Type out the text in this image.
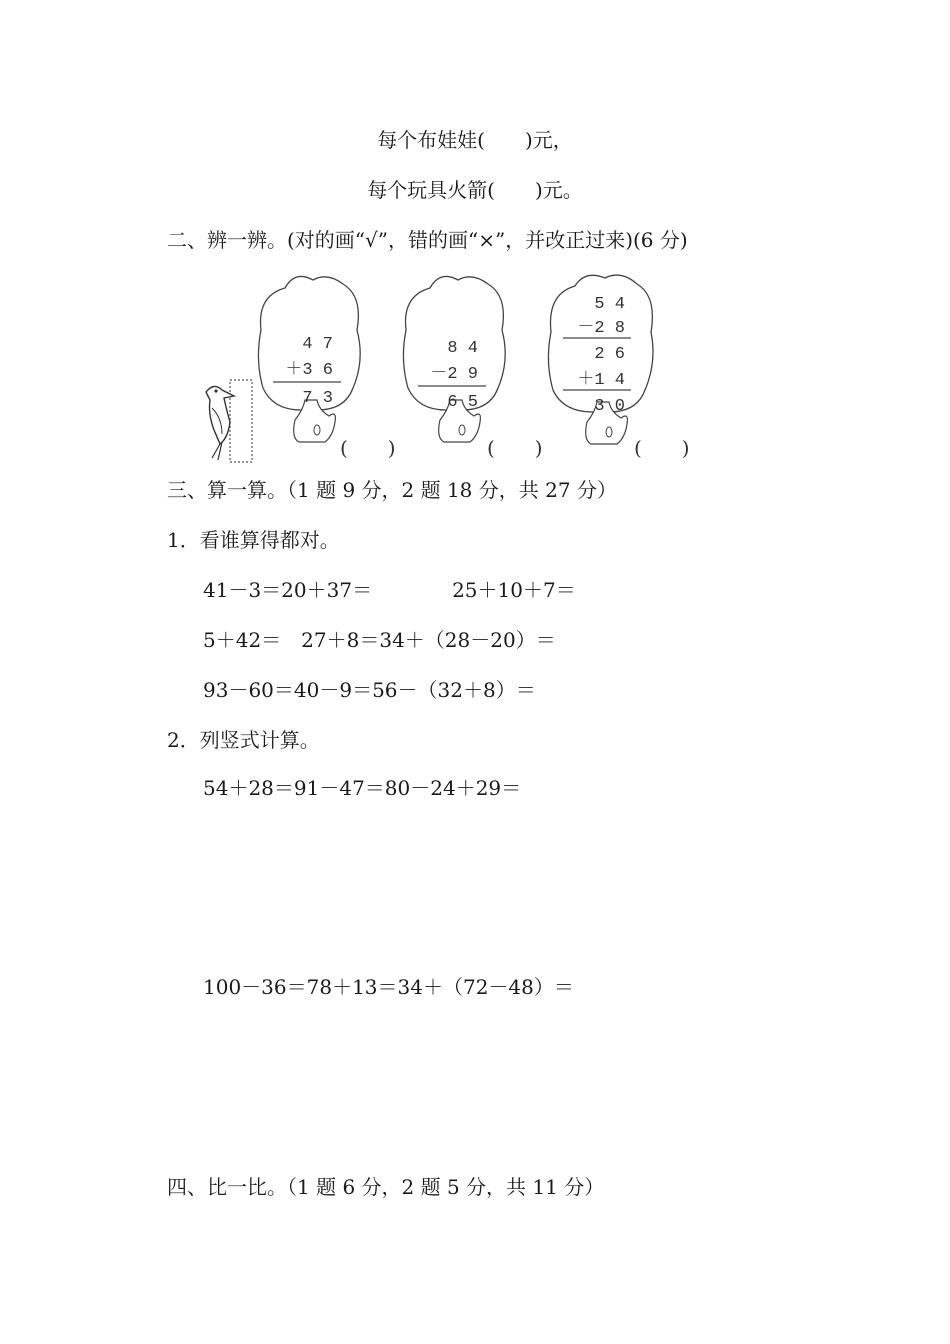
每个布娃娃(　　)元，
每个玩具火箭(　　)元。
二、辨一辨。(对的画“√”，错的画“×”，并改正过来)(6 分)
4 7
＋3 6
7 3
(　　)
8 4
－2 9
6 5
(　　)
5 4
－2 8
2 6
＋1 4
3 0
(　　)
三、算一算。（1 题 9 分，2 题 18 分，共 27 分）
1．看谁算得都对。
41－3＝20＋37＝　　　　25＋10＋7＝
5＋42＝　27＋8＝34＋（28－20）＝
93－60＝40－9＝56－（32＋8）＝
2．列竖式计算。
54＋28＝91－47＝80－24＋29＝
100－36＝78＋13＝34＋（72－48）＝
四、比一比。（1 题 6 分，2 题 5 分，共 11 分）
